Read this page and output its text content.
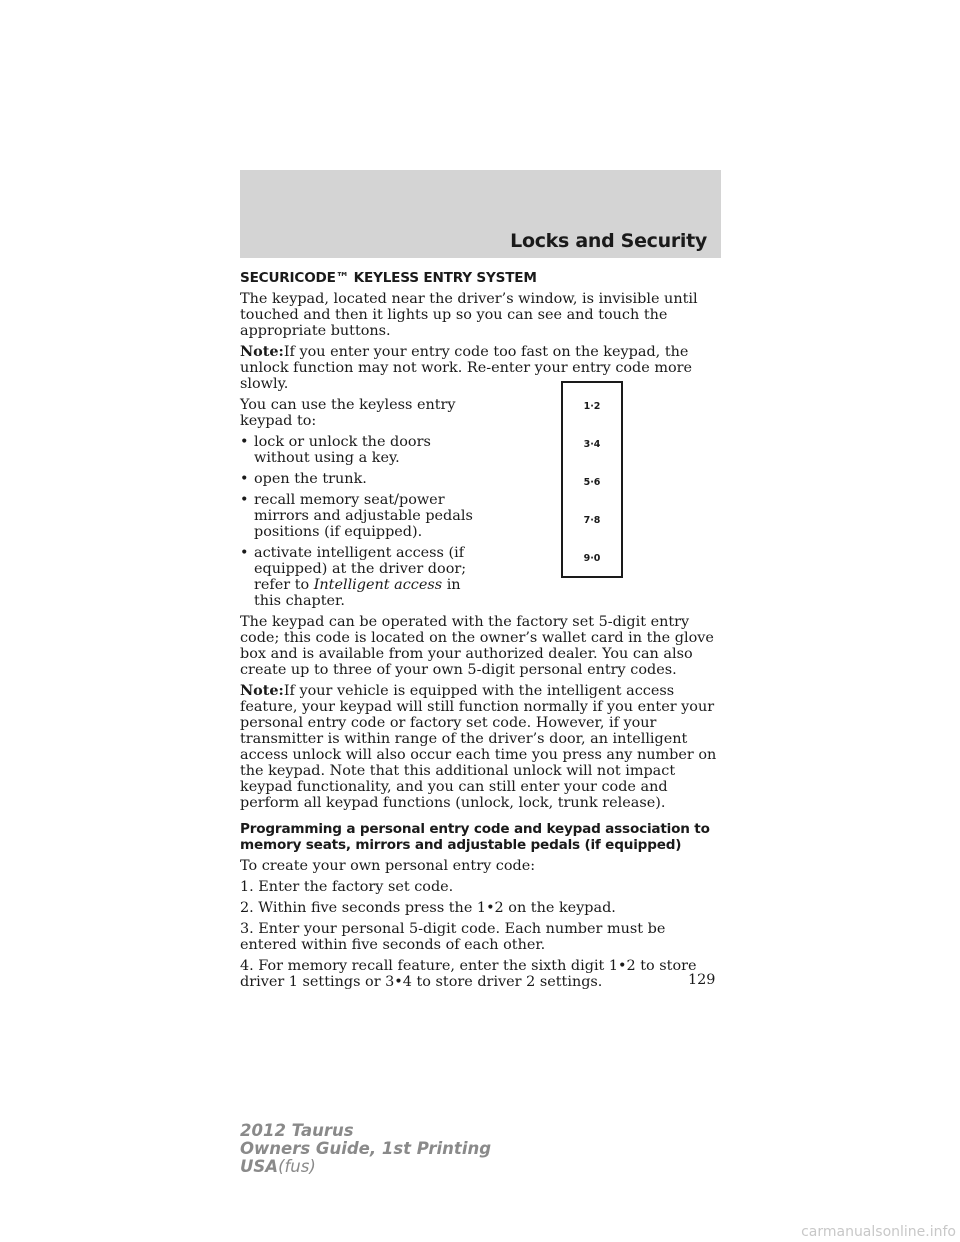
Locks and Security

SECURICODE™ KEYLESS ENTRY SYSTEM

The keypad, located near the driver’s window, is invisible until touched and then it lights up so you can see and touch the appropriate buttons.

Note:If you enter your entry code too fast on the keypad, the unlock function may not work. Re-enter your entry code more slowly.

You can use the keyless entry keypad to:

• lock or unlock the doors without using a key.
• open the trunk.
• recall memory seat/power mirrors and adjustable pedals positions (if equipped).
• activate intelligent access (if equipped) at the driver door; refer to Intelligent access in this chapter.

The keypad can be operated with the factory set 5-digit entry code; this code is located on the owner’s wallet card in the glove box and is available from your authorized dealer. You can also create up to three of your own 5-digit personal entry codes.

Note:If your vehicle is equipped with the intelligent access feature, your keypad will still function normally if you enter your personal entry code or factory set code. However, if your transmitter is within range of the driver’s door, an intelligent access unlock will also occur each time you press any number on the keypad. Note that this additional unlock will not impact keypad functionality, and you can still enter your code and perform all keypad functions (unlock, lock, trunk release).

Programming a personal entry code and keypad association to memory seats, mirrors and adjustable pedals (if equipped)

To create your own personal entry code:

1. Enter the factory set code.

2. Within five seconds press the 1•2 on the keypad.

3. Enter your personal 5-digit code. Each number must be entered within five seconds of each other.

4. For memory recall feature, enter the sixth digit 1•2 to store driver 1 settings or 3•4 to store driver 2 settings.

1·2
3·4
5·6
7·8
9·0
129
2012 Taurus
Owners Guide, 1st Printing
USA(fus)
carmanualsonline.info
